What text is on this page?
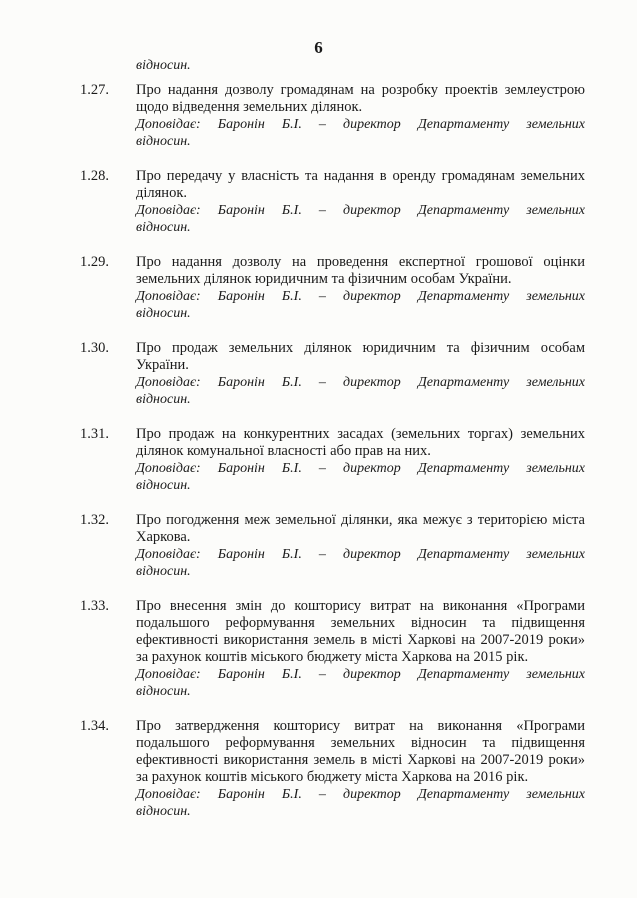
6
відносин.
1.27. Про надання дозволу громадянам на розробку проектів землеустрою щодо відведення земельних ділянок.
Доповідає: Баронін Б.І. – директор Департаменту земельних
відносин.
1.28. Про передачу у власність та надання в оренду громадянам земельних ділянок.
Доповідає: Баронін Б.І. – директор Департаменту земельних
відносин.
1.29. Про надання дозволу на проведення експертної грошової оцінки земельних ділянок юридичним та фізичним особам України.
Доповідає: Баронін Б.І. – директор Департаменту земельних
відносин.
1.30. Про продаж земельних ділянок юридичним та фізичним особам України.
Доповідає: Баронін Б.І. – директор Департаменту земельних
відносин.
1.31. Про продаж на конкурентних засадах (земельних торгах) земельних ділянок комунальної власності або прав на них.
Доповідає: Баронін Б.І. – директор Департаменту земельних
відносин.
1.32. Про погодження меж земельної ділянки, яка межує з територією міста Харкова.
Доповідає: Баронін Б.І. – директор Департаменту земельних
відносин.
1.33. Про внесення змін до кошторису витрат на виконання «Програми подальшого реформування земельних відносин та підвищення ефективності використання земель в місті Харкові на 2007-2019 роки» за рахунок коштів міського бюджету міста Харкова на 2015 рік.
Доповідає: Баронін Б.І. – директор Департаменту земельних
відносин.
1.34. Про затвердження кошторису витрат на виконання «Програми подальшого реформування земельних відносин та підвищення ефективності використання земель в місті Харкові на 2007-2019 роки» за рахунок коштів міського бюджету міста Харкова на 2016 рік.
Доповідає: Баронін Б.І. – директор Департаменту земельних
відносин.
